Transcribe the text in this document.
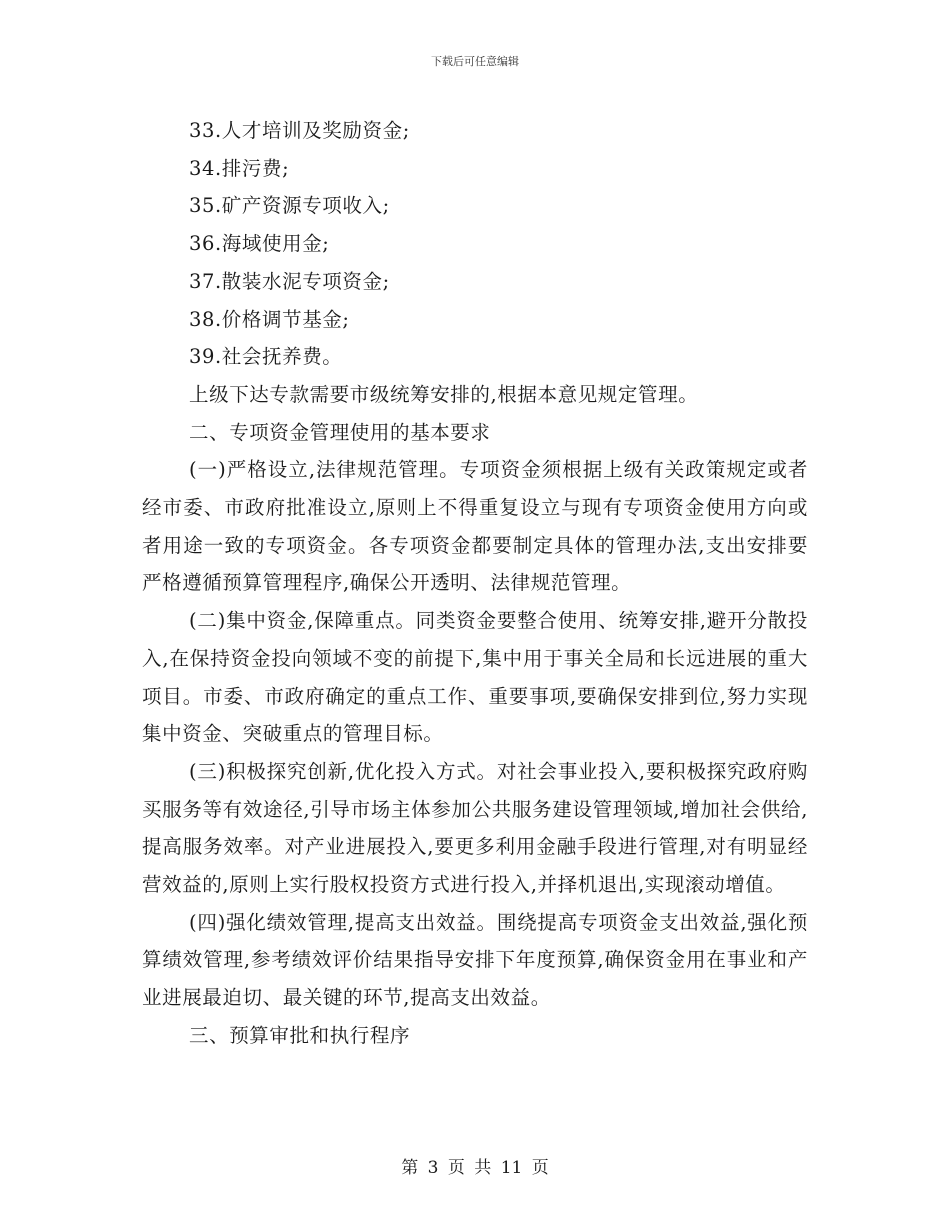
下载后可任意编辑

33.人才培训及奖励资金;

34.排污费;

35.矿产资源专项收入;

36.海域使用金;

37.散装水泥专项资金;

38.价格调节基金;

39.社会抚养费。

上级下达专款需要市级统筹安排的,根据本意见规定管理。

二、专项资金管理使用的基本要求

(一)严格设立,法律规范管理。专项资金须根据上级有关政策规定或者经市委、市政府批准设立,原则上不得重复设立与现有专项资金使用方向或者用途一致的专项资金。各专项资金都要制定具体的管理办法,支出安排要严格遵循预算管理程序,确保公开透明、法律规范管理。

(二)集中资金,保障重点。同类资金要整合使用、统筹安排,避开分散投入,在保持资金投向领域不变的前提下,集中用于事关全局和长远进展的重大项目。市委、市政府确定的重点工作、重要事项,要确保安排到位,努力实现集中资金、突破重点的管理目标。

(三)积极探究创新,优化投入方式。对社会事业投入,要积极探究政府购买服务等有效途径,引导市场主体参加公共服务建设管理领域,增加社会供给,提高服务效率。对产业进展投入,要更多利用金融手段进行管理,对有明显经营效益的,原则上实行股权投资方式进行投入,并择机退出,实现滚动增值。

(四)强化绩效管理,提高支出效益。围绕提高专项资金支出效益,强化预算绩效管理,参考绩效评价结果指导安排下年度预算,确保资金用在事业和产业进展最迫切、最关键的环节,提高支出效益。

三、预算审批和执行程序

第 3 页 共 11 页
